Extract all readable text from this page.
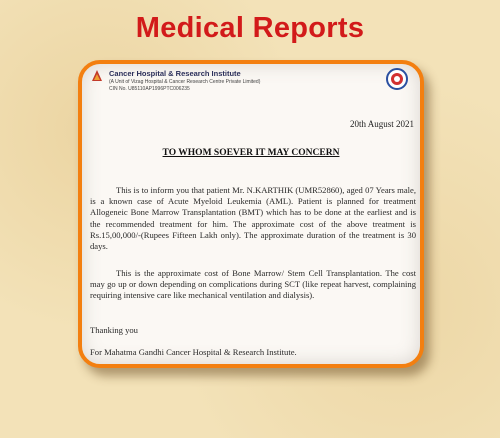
Medical Reports
Cancer Hospital & Research Institute
(A Unit of Vizag Hospital & Cancer Research Centre Private Limited)
CIN No. U85110AP1996PTC006235
20th August 2021
TO WHOM SOEVER IT MAY CONCERN
This is to inform you that patient Mr. N.KARTHIK (UMR52860), aged 07 Years male, is a known case of Acute Myeloid Leukemia (AML). Patient is planned for treatment Allogeneic Bone Marrow Transplantation (BMT) which has to be done at the earliest and is the recommended treatment for him. The approximate cost of the above treatment is Rs.15,00,000/-(Rupees Fifteen Lakh only). The approximate duration of the treatment is 30 days.
This is the approximate cost of Bone Marrow/ Stem Cell Transplantation. The cost may go up or down depending on complications during SCT (like repeat harvest, complaining requiring intensive care like mechanical ventilation and dialysis).
Thanking you
For Mahatma Gandhi Cancer Hospital & Research Institute.
